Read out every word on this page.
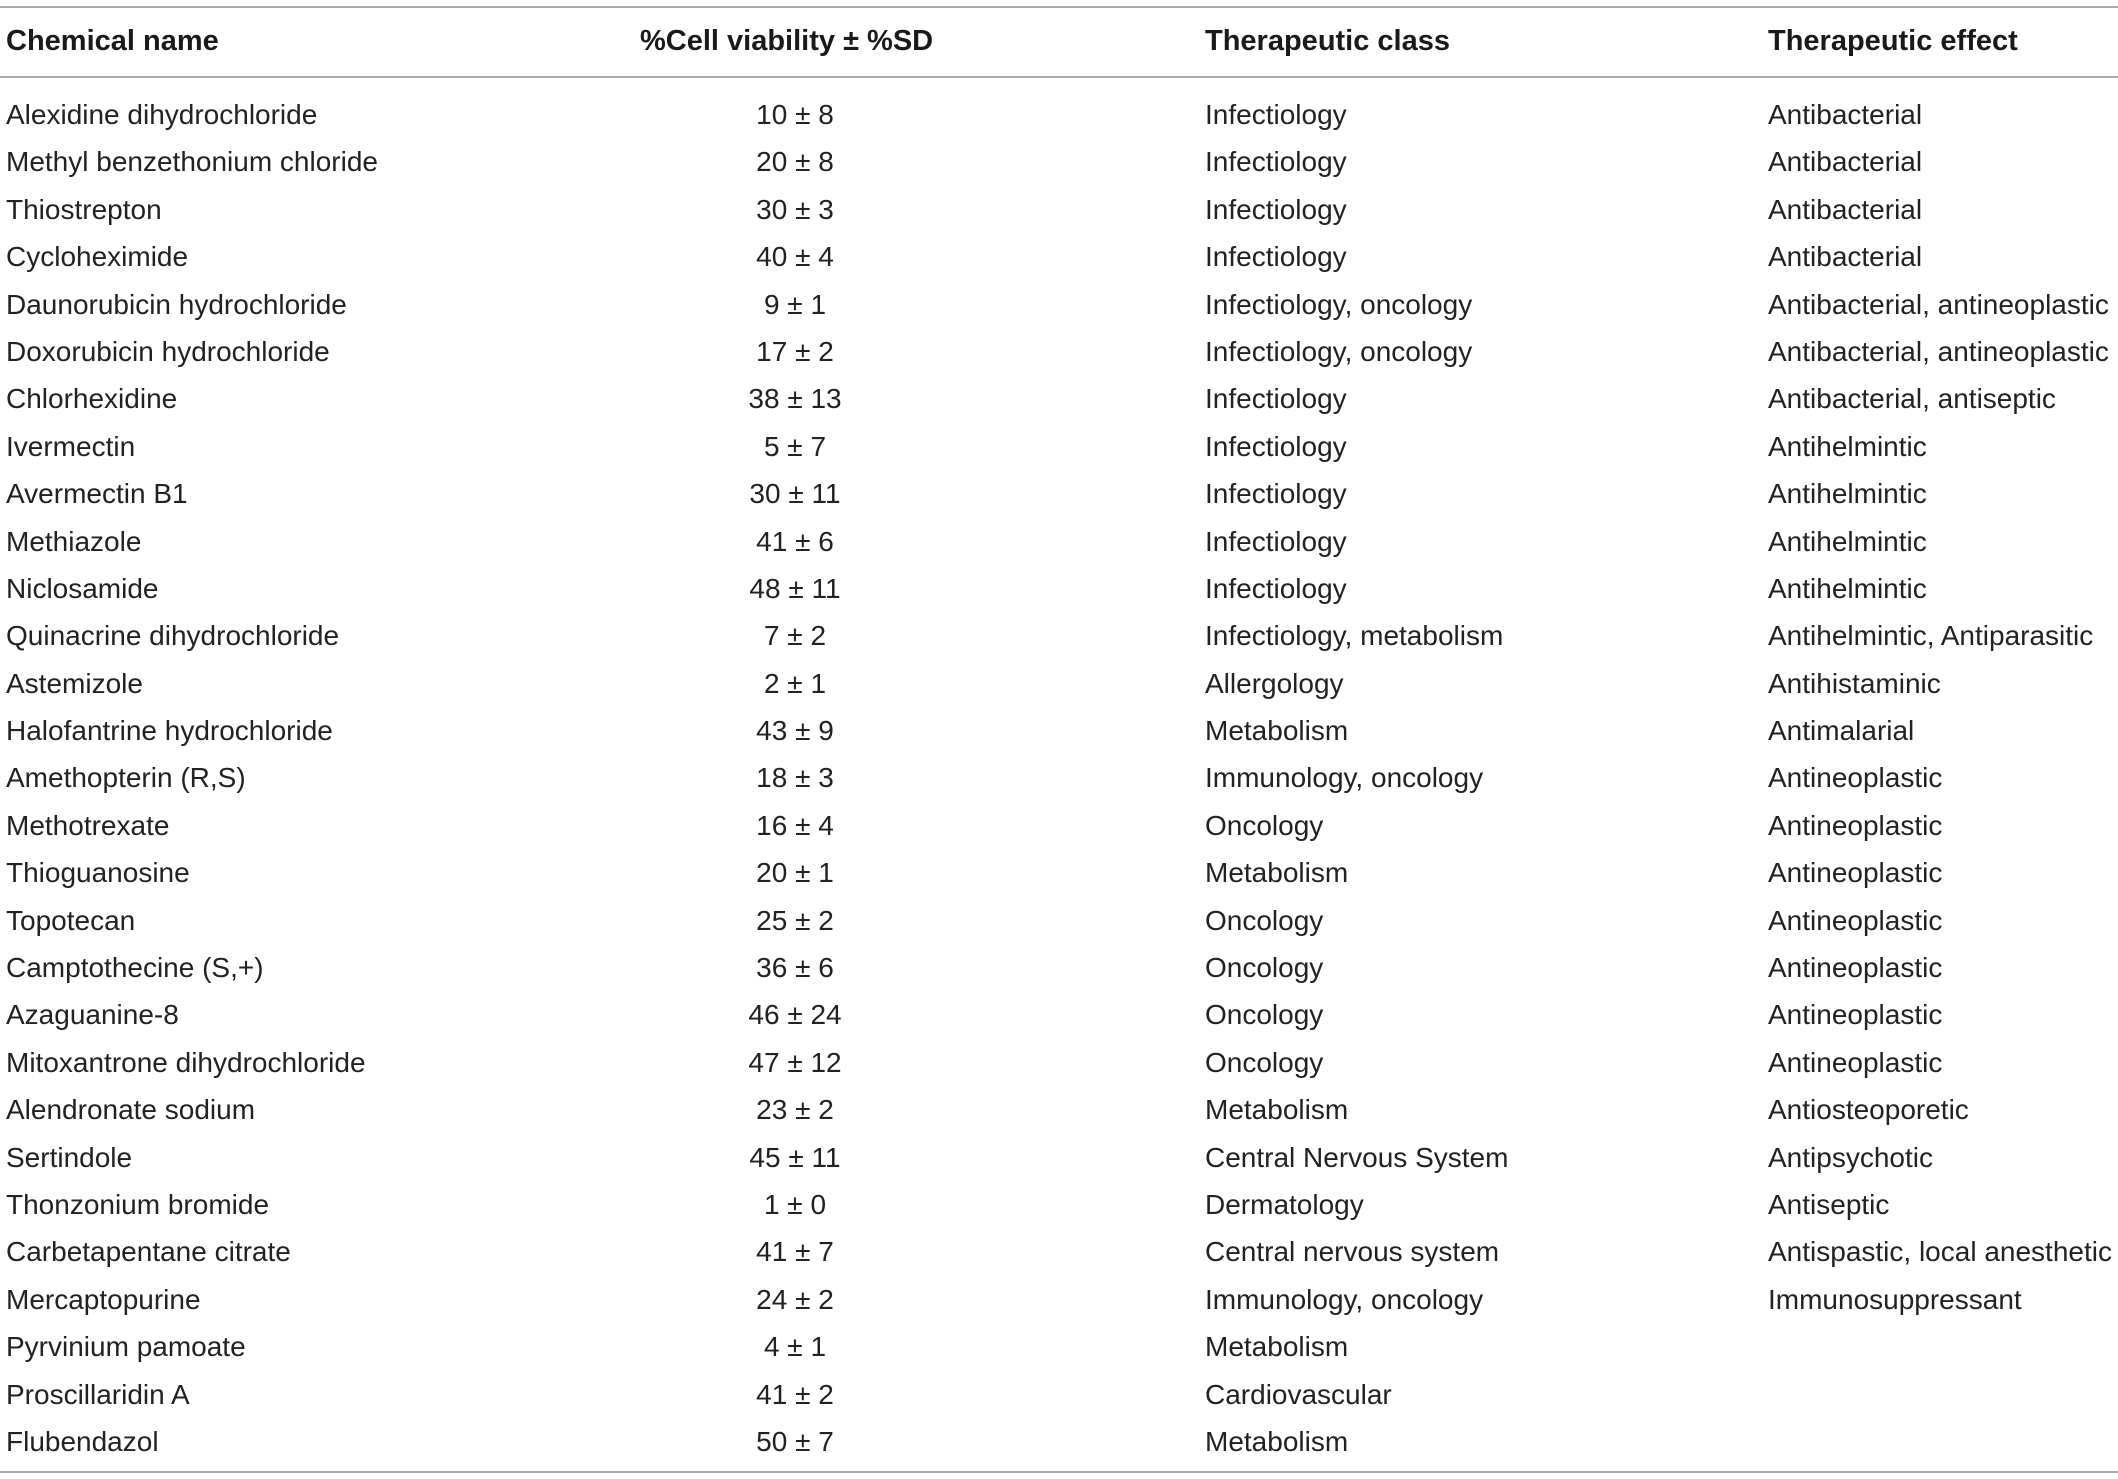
Chemical name	%Cell viability ± %SD	Therapeutic class	Therapeutic effect
Alexidine dihydrochloride	10 ± 8	Infectiology	Antibacterial
Methyl benzethonium chloride	20 ± 8	Infectiology	Antibacterial
Thiostrepton	30 ± 3	Infectiology	Antibacterial
Cycloheximide	40 ± 4	Infectiology	Antibacterial
Daunorubicin hydrochloride	9 ± 1	Infectiology, oncology	Antibacterial, antineoplastic
Doxorubicin hydrochloride	17 ± 2	Infectiology, oncology	Antibacterial, antineoplastic
Chlorhexidine	38 ± 13	Infectiology	Antibacterial, antiseptic
Ivermectin	5 ± 7	Infectiology	Antihelmintic
Avermectin B1	30 ± 11	Infectiology	Antihelmintic
Methiazole	41 ± 6	Infectiology	Antihelmintic
Niclosamide	48 ± 11	Infectiology	Antihelmintic
Quinacrine dihydrochloride	7 ± 2	Infectiology, metabolism	Antihelmintic, Antiparasitic
Astemizole	2 ± 1	Allergology	Antihistaminic
Halofantrine hydrochloride	43 ± 9	Metabolism	Antimalarial
Amethopterin (R,S)	18 ± 3	Immunology, oncology	Antineoplastic
Methotrexate	16 ± 4	Oncology	Antineoplastic
Thioguanosine	20 ± 1	Metabolism	Antineoplastic
Topotecan	25 ± 2	Oncology	Antineoplastic
Camptothecine (S,+)	36 ± 6	Oncology	Antineoplastic
Azaguanine-8	46 ± 24	Oncology	Antineoplastic
Mitoxantrone dihydrochloride	47 ± 12	Oncology	Antineoplastic
Alendronate sodium	23 ± 2	Metabolism	Antiosteoporetic
Sertindole	45 ± 11	Central Nervous System	Antipsychotic
Thonzonium bromide	1 ± 0	Dermatology	Antiseptic
Carbetapentane citrate	41 ± 7	Central nervous system	Antispastic, local anesthetic
Mercaptopurine	24 ± 2	Immunology, oncology	Immunosuppressant
Pyrvinium pamoate	4 ± 1	Metabolism
Proscillaridin A	41 ± 2	Cardiovascular
Flubendazol	50 ± 7	Metabolism
